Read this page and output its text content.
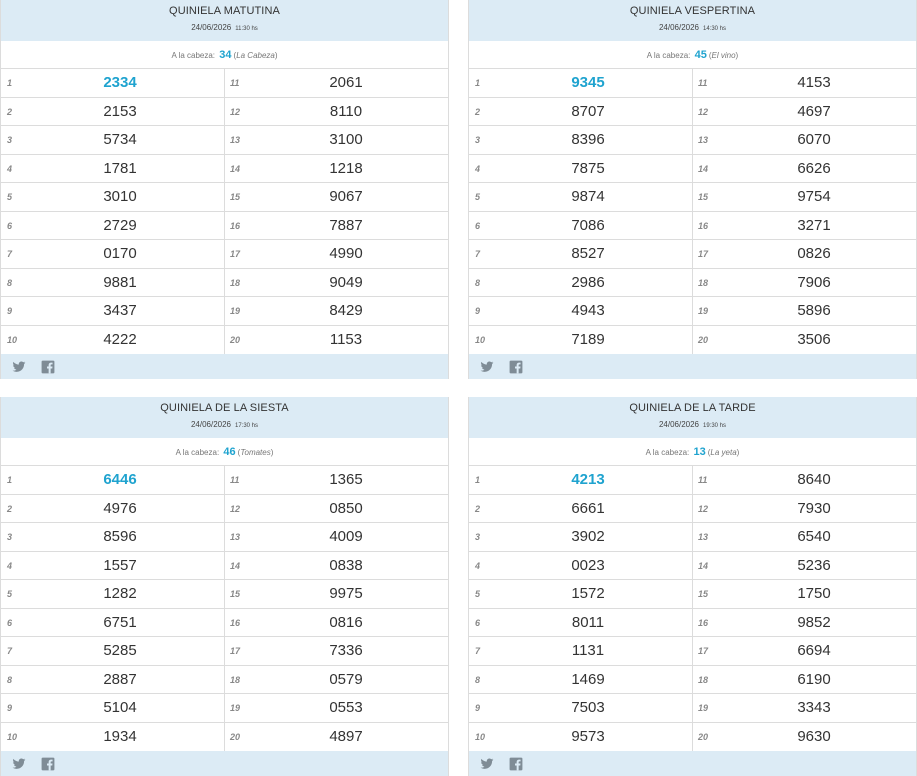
QUINIELA MATUTINA
24/06/2026 11:30 hs
A la cabeza: 34 (La Cabeza)
1	2334	11	2061
2	2153	12	8110
3	5734	13	3100
4	1781	14	1218
5	3010	15	9067
6	2729	16	7887
7	0170	17	4990
8	9881	18	9049
9	3437	19	8429
10	4222	20	1153
QUINIELA VESPERTINA
24/06/2026 14:30 hs
A la cabeza: 45 (El vino)
1	9345	11	4153
2	8707	12	4697
3	8396	13	6070
4	7875	14	6626
5	9874	15	9754
6	7086	16	3271
7	8527	17	0826
8	2986	18	7906
9	4943	19	5896
10	7189	20	3506
QUINIELA DE LA SIESTA
24/06/2026 17:30 hs
A la cabeza: 46 (Tomates)
1	6446	11	1365
2	4976	12	0850
3	8596	13	4009
4	1557	14	0838
5	1282	15	9975
6	6751	16	0816
7	5285	17	7336
8	2887	18	0579
9	5104	19	0553
10	1934	20	4897
QUINIELA DE LA TARDE
24/06/2026 19:30 hs
A la cabeza: 13 (La yeta)
1	4213	11	8640
2	6661	12	7930
3	3902	13	6540
4	0023	14	5236
5	1572	15	1750
6	8011	16	9852
7	1131	17	6694
8	1469	18	6190
9	7503	19	3343
10	9573	20	9630
